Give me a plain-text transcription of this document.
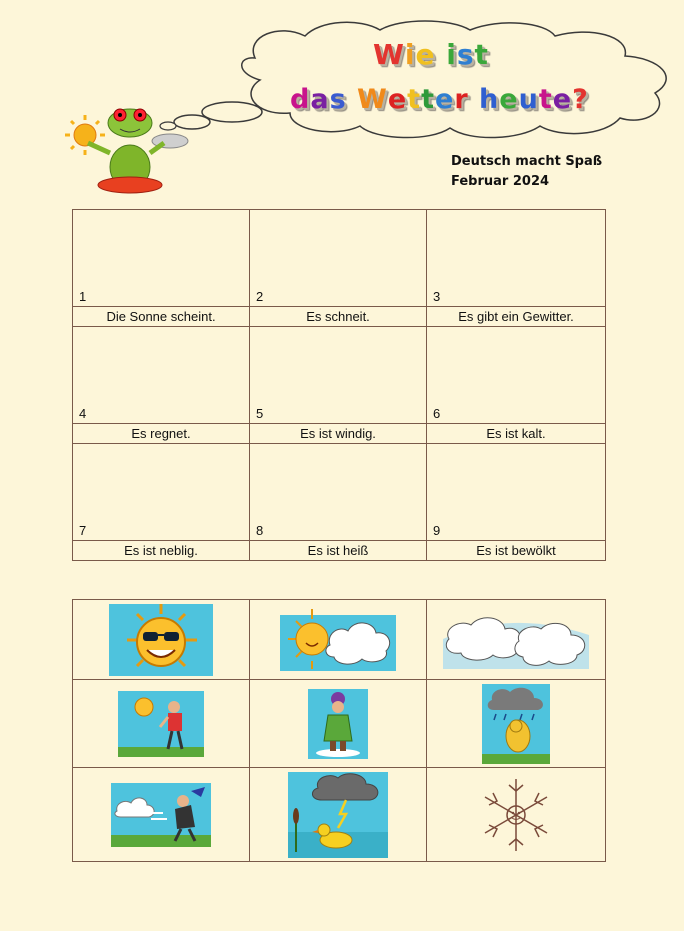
Wie ist
das Wetter heute?
Deutsch macht Spaß
Februar 2024
1	2	3

Die Sonne scheint.	Es schneit.	Es gibt ein Gewitter.

4	5	6

Es regnet.	Es ist windig.	Es ist kalt.

7	8	9

Es ist neblig.	Es ist heiß	Es ist bewölkt
